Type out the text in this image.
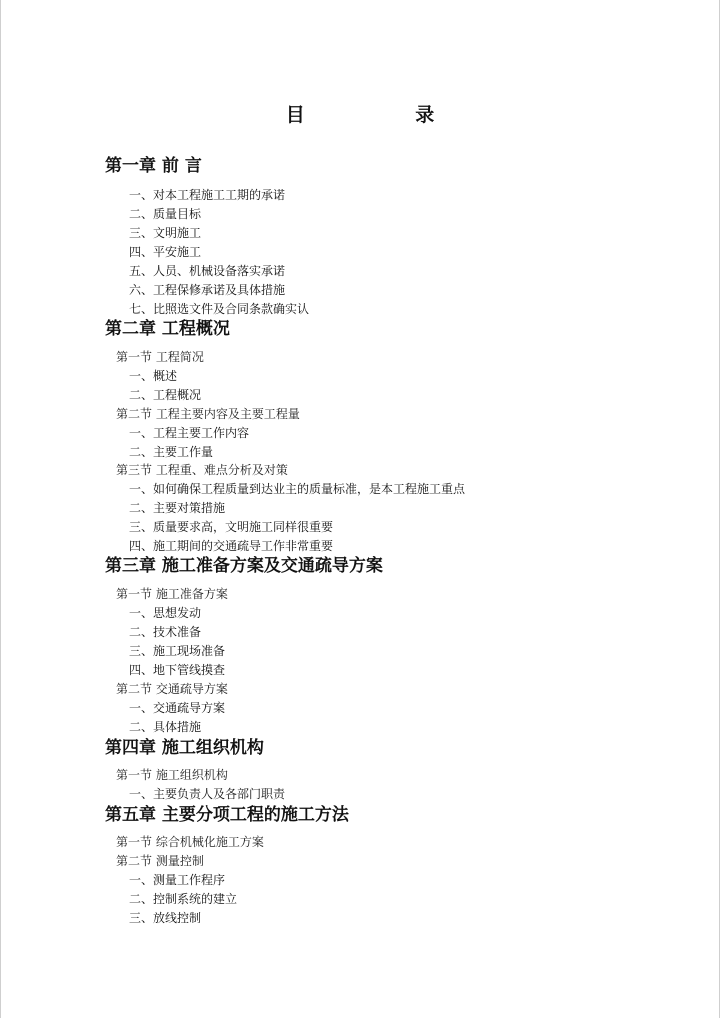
目 录
第一章 前 言
一、对本工程施工工期的承诺
二、质量目标
三、文明施工
四、平安施工
五、人员、机械设备落实承诺
六、工程保修承诺及具体措施
七、比照选文件及合同条款确实认
第二章 工程概况
第一节 工程简况
一、概述
二、工程概况
第二节 工程主要内容及主要工程量
一、工程主要工作内容
二、主要工作量
第三节 工程重、难点分析及对策
一、如何确保工程质量到达业主的质量标准，是本工程施工重点
二、主要对策措施
三、质量要求高，文明施工同样很重要
四、施工期间的交通疏导工作非常重要
第三章 施工准备方案及交通疏导方案
第一节 施工准备方案
一、思想发动
二、技术准备
三、施工现场准备
四、地下管线摸查
第二节 交通疏导方案
一、交通疏导方案
二、具体措施
第四章 施工组织机构
第一节 施工组织机构
一、主要负责人及各部门职责
第五章 主要分项工程的施工方法
第一节 综合机械化施工方案
第二节 测量控制
一、测量工作程序
二、控制系统的建立
三、放线控制
